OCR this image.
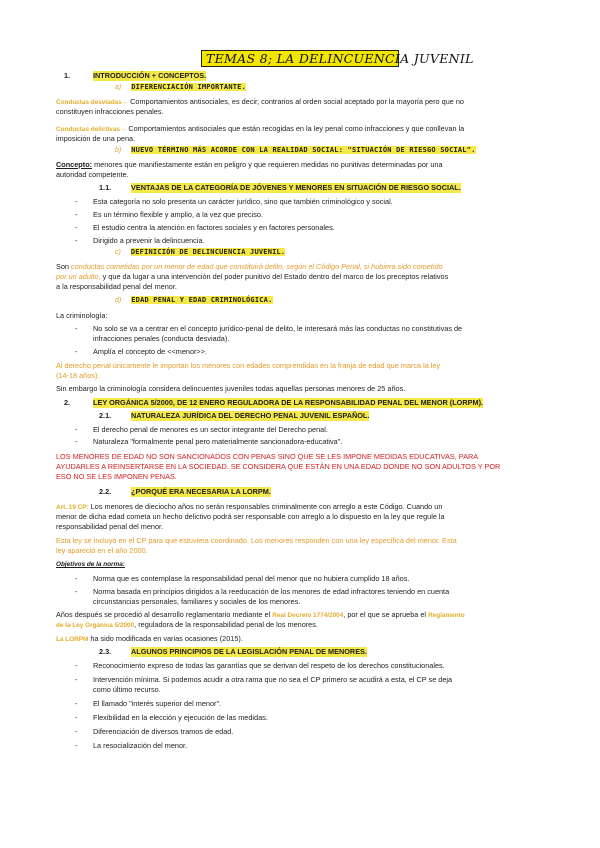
TEMAS 8; LA DELINCUENCIA JUVENIL
1.	INTRODUCCIÓN + CONCEPTOS.
a) DIFERENCIACIÓN IMPORTANTE.
Conductas desviadas→ Comportamientos antisociales, es decir, contrarios al orden social aceptado por la mayoría pero que no
constituyen infracciones penales.
Conductas delictivas→ Comportamientos antisociales que están recogidas en la ley penal como infracciones y que conllevan la
imposición de una pena.
b) NUEVO TÉRMINO MÁS ACORDE CON LA REALIDAD SOCIAL: "SITUACIÓN DE RIESGO SOCIAL".
Concepto: menores que manifiestamente están en peligro y que requieren medidas no punitivas determinadas por una
autoridad competente.
1.1.	VENTAJAS DE LA CATEGORÍA DE JÓVENES Y MENORES EN SITUACIÓN DE RIESGO SOCIAL.
- Esta categoría no solo presenta un carácter jurídico, sino que también criminológico y social.
- Es un término flexible y amplio, a la vez que preciso.
- El estudio centra la atención en factores sociales y en factores personales.
- Dirigido a prevenir la delincuencia.
c) DEFINICIÓN DE DELINCUENCIA JUVENIL.
Son conductas cometidas por un menor de edad que constituirá delito, según el Código Penal, si hubiera sido cometido
por un adulto, y que da lugar a una intervención del poder punitivo del Estado dentro del marco de los preceptos relativos
a la responsabilidad penal del menor.
d) EDAD PENAL Y EDAD CRIMINOLÓGICA.
La criminología:
- No solo se va a centrar en el concepto jurídico-penal de delito, le interesará más las conductas no constitutivas de
infracciones penales (conducta desviada).
- Amplía el concepto de <<menor>>.
Al derecho penal únicamente le importan los menores con edades comprendidas en la franja de edad que marca la ley
(14-18 años).
Sin embargo la criminología considera delincuentes juveniles todas aquellas personas menores de 25 años.
2.	LEY ORGÁNICA 5/2000, DE 12 ENERO REGULADORA DE LA RESPONSABILIDAD PENAL DEL MENOR (LORPM).
2.1.	NATURALEZA JURÍDICA DEL DERECHO PENAL JUVENIL ESPAÑOL.
- El derecho penal de menores es un sector integrante del Derecho penal.
- Naturaleza "formalmente penal pero materialmente sancionadora-educativa".
LOS MENORES DE EDAD NO SON SANCIONADOS CON PENAS SINO QUE SE LES IMPONE MEDIDAS EDUCATIVAS, PARA
AYUDARLES A REINSERTARSE EN LA SOCIEDAD. SE CONSIDERA QUE ESTÁN EN UNA EDAD DONDE NO SON ADULTOS Y POR
ESO NO SE LES IMPONEN PENAS.
2.2.	¿PORQUÉ ERA NECESARIA LA LORPM.
Art. 19 CP: Los menores de dieciocho años no serán responsables criminalmente con arreglo a este Código. Cuando un
menor de dicha edad cometa un hecho delictivo podrá ser responsable con arreglo a lo dispuesto en la ley que regule la
responsabilidad penal del menor.
Esta ley se incluyó en el CP para que estuviera coordinado. Los menores responden con una ley específica del menor. Esta
ley apareció en el año 2000.
Objetivos de la norma:
- Norma que es contemplase la responsabilidad penal del menor que no hubiera cumplido 18 años.
- Norma basada en principios dirigidos a la reeducación de los menores de edad infractores teniendo en cuenta
circunstancias personales, familiares y sociales de los menores.
Años después se procedió al desarrollo reglamentario mediante el Real Decreto 1774/2004, por el que se aprueba el Reglamento
de la Ley Orgánica 5/2000, reguladora de la responsabilidad penal de los menores.
La LORPM ha sido modificada en varias ocasiones (2015).
2.3.	ALGUNOS PRINCIPIOS DE LA LEGISLACIÓN PENAL DE MENORES.
- Reconocimiento expreso de todas las garantías que se derivan del respeto de los derechos constitucionales.
- Intervención mínima. Si podemos acudir a otra rama que no sea el CP primero se acudirá a esta, el CP se deja
como último recurso.
- El llamado "interés superior del menor".
- Flexibilidad en la elección y ejecución de las medidas.
- Diferenciación de diversos tramos de edad.
- La resocialización del menor.
